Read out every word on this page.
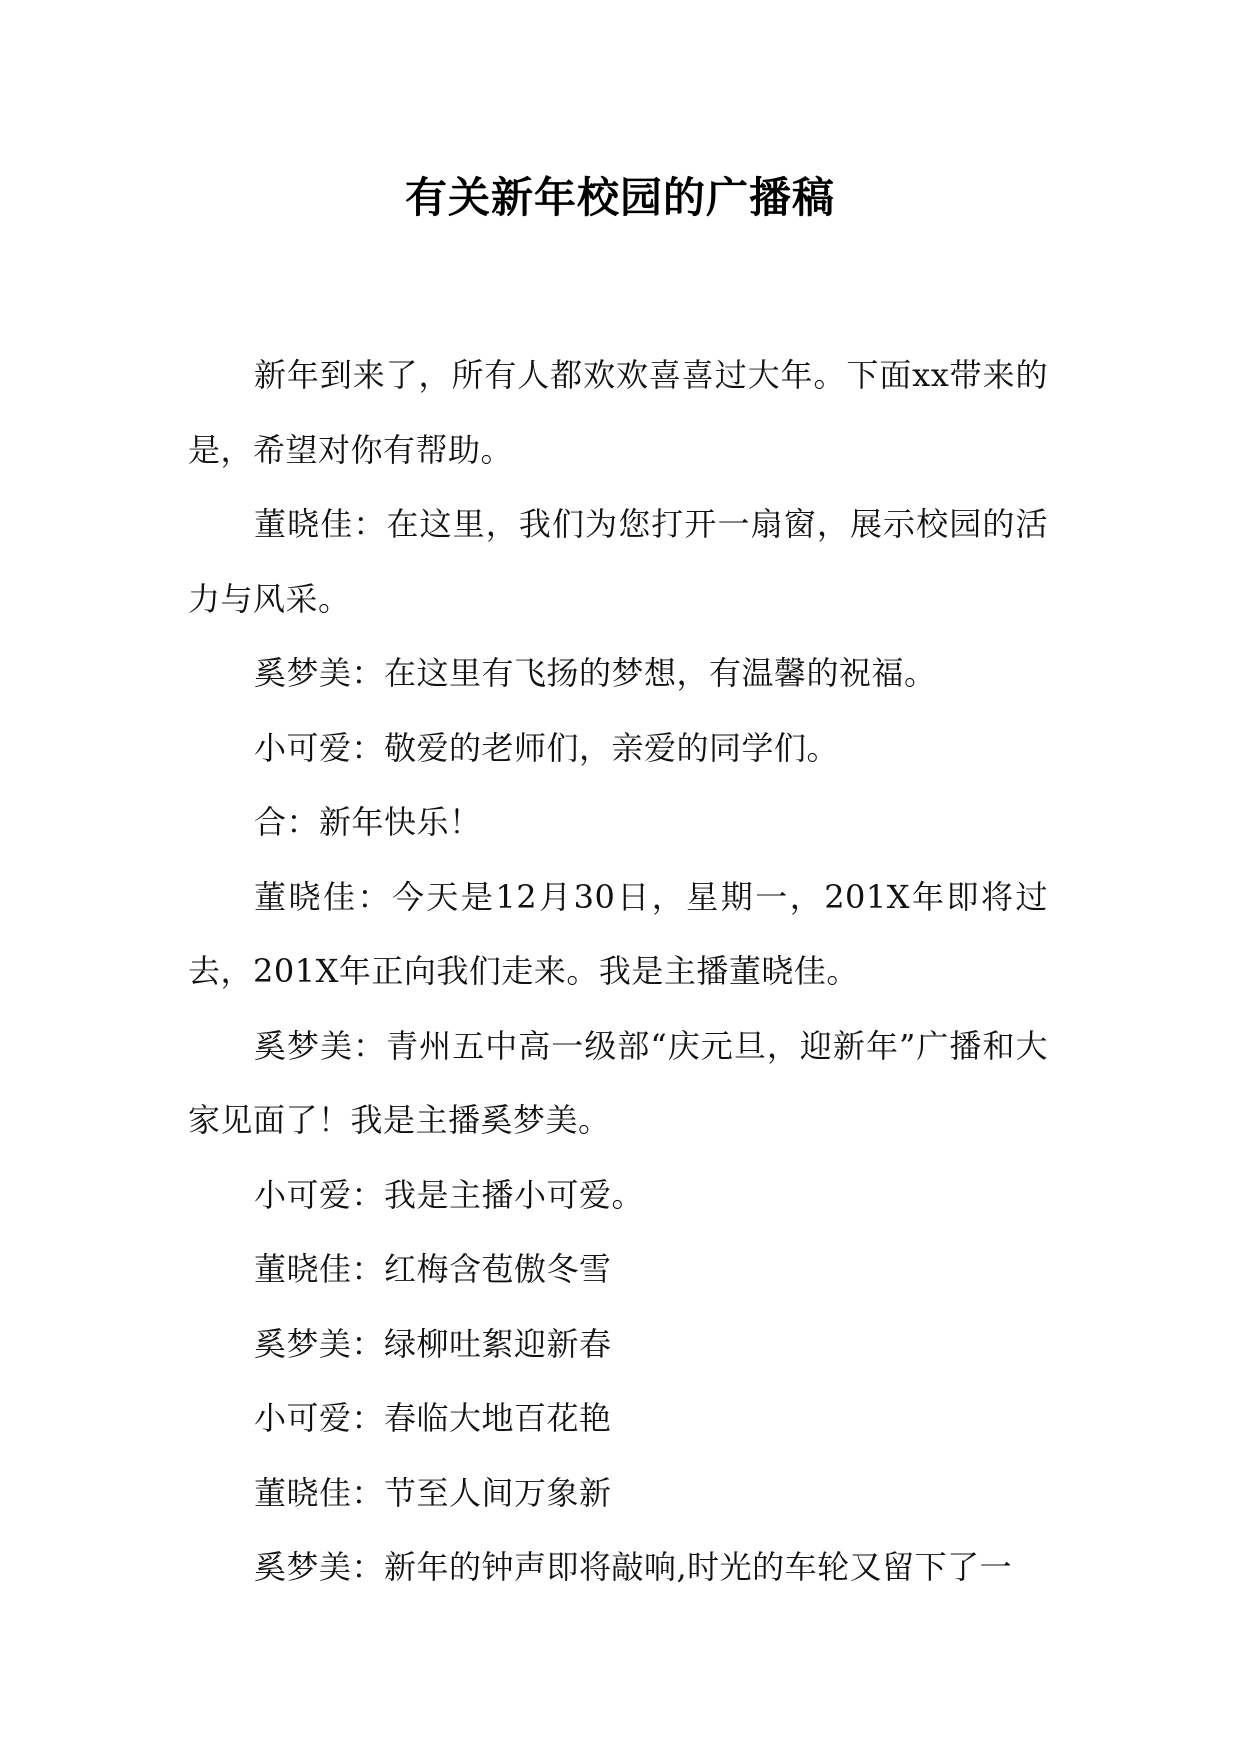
有关新年校园的广播稿

新年到来了，所有人都欢欢喜喜过大年。下面xx带来的是，希望对你有帮助。

董晓佳：在这里，我们为您打开一扇窗，展示校园的活力与风采。

奚梦美：在这里有飞扬的梦想，有温馨的祝福。

小可爱：敬爱的老师们，亲爱的同学们。

合：新年快乐！

董晓佳：今天是12月30日，星期一，201X年即将过去，201X年正向我们走来。我是主播董晓佳。

奚梦美：青州五中高一级部“庆元旦，迎新年”广播和大家见面了！我是主播奚梦美。

小可爱：我是主播小可爱。

董晓佳：红梅含苞傲冬雪

奚梦美：绿柳吐絮迎新春

小可爱：春临大地百花艳

董晓佳：节至人间万象新

奚梦美：新年的钟声即将敲响,时光的车轮又留下了一
